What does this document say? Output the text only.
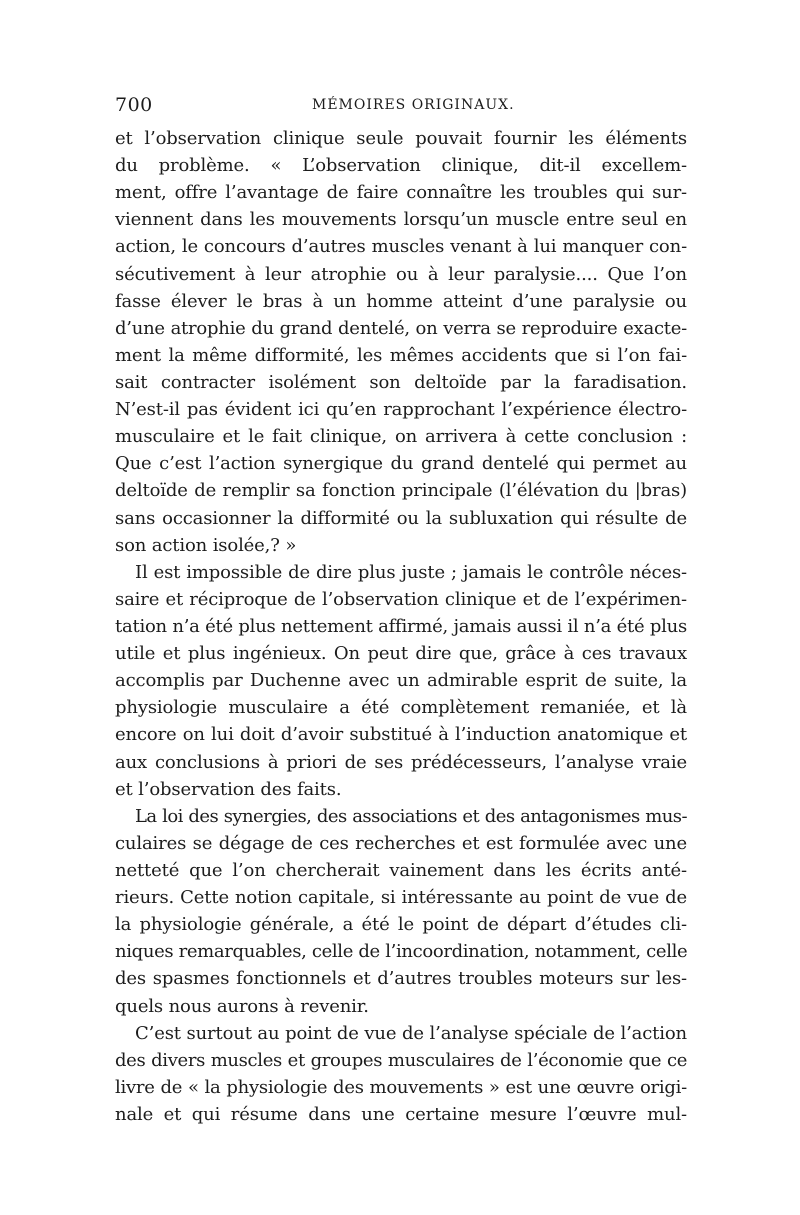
700	MÉMOIRES ORIGINAUX.

et l’observation clinique seule pouvait fournir les éléments
du problème. « L’observation clinique, dit-il excellem-
ment, offre l’avantage de faire connaître les troubles qui sur-
viennent dans les mouvements lorsqu’un muscle entre seul en
action, le concours d’autres muscles venant à lui manquer con-
sécutivement à leur atrophie ou à leur paralysie.... Que l’on
fasse élever le bras à un homme atteint d’une paralysie ou
d’une atrophie du grand dentelé, on verra se reproduire exacte-
ment la même difformité, les mêmes accidents que si l’on fai-
sait contracter isolément son deltoïde par la faradisation.
N’est-il pas évident ici qu’en rapprochant l’expérience électro-
musculaire et le fait clinique, on arrivera à cette conclusion :
Que c’est l’action synergique du grand dentelé qui permet au
deltoïde de remplir sa fonction principale (l’élévation du |bras)
sans occasionner la difformité ou la subluxation qui résulte de
son action isolée,? »

Il est impossible de dire plus juste ; jamais le contrôle néces-
saire et réciproque de l’observation clinique et de l’expérimen-
tation n’a été plus nettement affirmé, jamais aussi il n’a été plus
utile et plus ingénieux. On peut dire que, grâce à ces travaux
accomplis par Duchenne avec un admirable esprit de suite, la
physiologie musculaire a été complètement remaniée, et là
encore on lui doit d’avoir substitué à l’induction anatomique et
aux conclusions à priori de ses prédécesseurs, l’analyse vraie
et l’observation des faits.

La loi des synergies, des associations et des antagonismes mus-
culaires se dégage de ces recherches et est formulée avec une
netteté que l’on chercherait vainement dans les écrits anté-
rieurs. Cette notion capitale, si intéressante au point de vue de
la physiologie générale, a été le point de départ d’études cli-
niques remarquables, celle de l’incoordination, notamment, celle
des spasmes fonctionnels et d’autres troubles moteurs sur les-
quels nous aurons à revenir.

C’est surtout au point de vue de l’analyse spéciale de l’action
des divers muscles et groupes musculaires de l’économie que ce
livre de « la physiologie des mouvements » est une œuvre origi-
nale et qui résume dans une certaine mesure l’œuvre mul-
